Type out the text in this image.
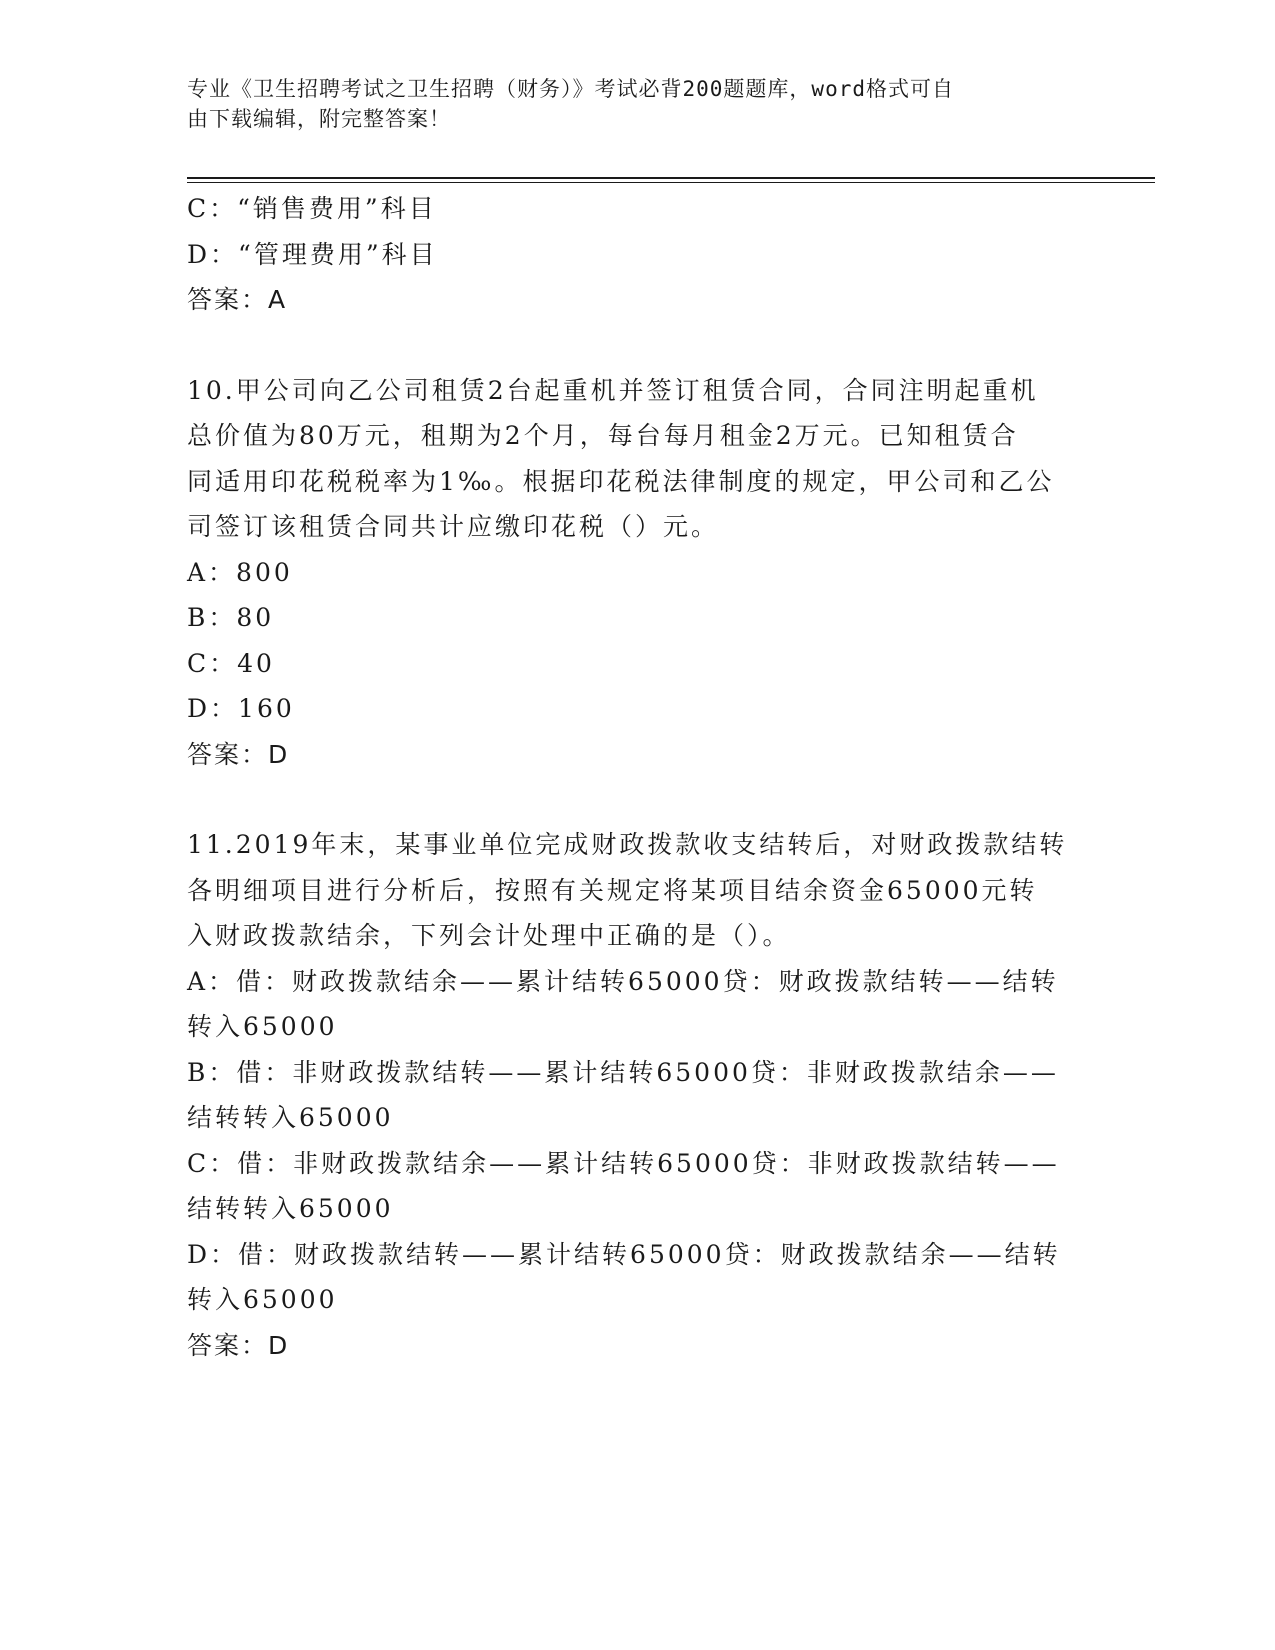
专业《卫生招聘考试之卫生招聘（财务）》考试必背200题题库，word格式可自
由下载编辑，附完整答案！
C：“销售费用”科目
D：“管理费用”科目
答案：A
10.甲公司向乙公司租赁2台起重机并签订租赁合同，合同注明起重机
总价值为80万元，租期为2个月，每台每月租金2万元。已知租赁合
同适用印花税税率为1‰。根据印花税法律制度的规定，甲公司和乙公
司签订该租赁合同共计应缴印花税（）元。
A：800
B：80
C：40
D：160
答案：D
11.2019年末，某事业单位完成财政拨款收支结转后，对财政拨款结转
各明细项目进行分析后，按照有关规定将某项目结余资金65000元转
入财政拨款结余，下列会计处理中正确的是（）。
A：借：财政拨款结余——累计结转65000贷：财政拨款结转——结转
转入65000
B：借：非财政拨款结转——累计结转65000贷：非财政拨款结余——
结转转入65000
C：借：非财政拨款结余——累计结转65000贷：非财政拨款结转——
结转转入65000
D：借：财政拨款结转——累计结转65000贷：财政拨款结余——结转
转入65000
答案：D
